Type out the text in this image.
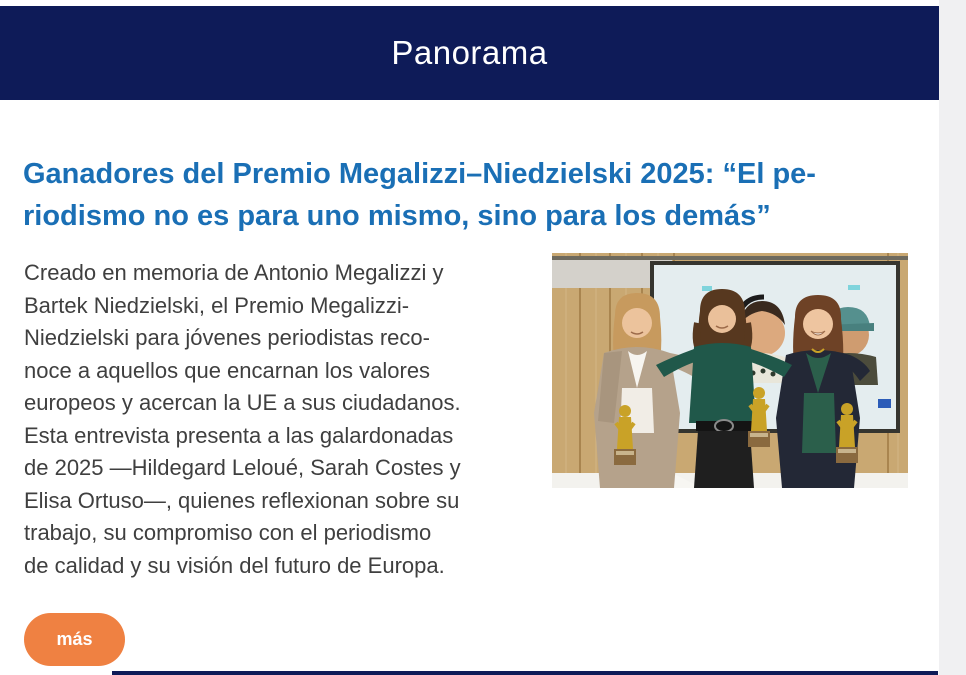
Panorama
Ganadores del Premio Megalizzi–Niedzielski 2025: “El pe-
riodismo no es para uno mismo, sino para los demás”
Creado en memoria de Antonio Megalizzi y
Bartek Niedzielski, el Premio Megalizzi-
Niedzielski para jóvenes periodistas reco-
noce a aquellos que encarnan los valores
europeos y acercan la UE a sus ciudadanos.
Esta entrevista presenta a las galardonadas
de 2025 —Hildegard Leloué, Sarah Costes y
Elisa Ortuso—, quienes reflexionan sobre su
trabajo, su compromiso con el periodismo
de calidad y su visión del futuro de Europa.
más
